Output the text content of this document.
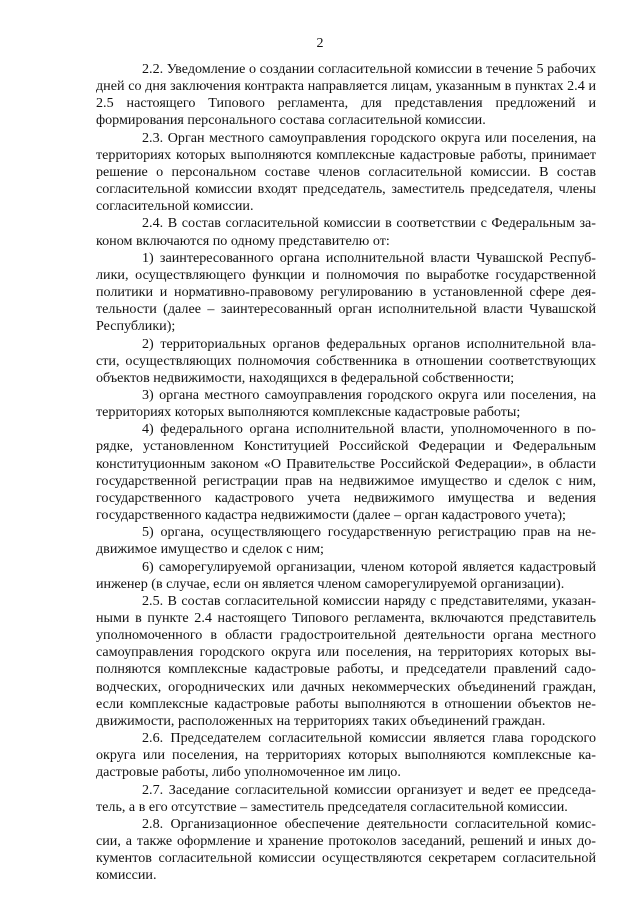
2

2.2. Уведомление о создании согласительной комиссии в течение 5 рабочих дней со дня заключения контракта направляется лицам, указанным в пунктах 2.4 и 2.5 настоящего Типового регламента, для представления предложений и формирования персонального состава согласительной комиссии.

2.3. Орган местного самоуправления городского округа или поселения, на территориях которых выполняются комплексные кадастровые работы, принимает решение о персональном составе членов согласительной комиссии. В состав согласительной комиссии входят председатель, заместитель председателя, члены согласительной комиссии.

2.4. В состав согласительной комиссии в соответствии с Федеральным законом включаются по одному представителю от:

1) заинтересованного органа исполнительной власти Чувашской Республики, осуществляющего функции и полномочия по выработке государственной политики и нормативно-правовому регулированию в установленной сфере деятельности (далее – заинтересованный орган исполнительной власти Чувашской Республики);

2) территориальных органов федеральных органов исполнительной власти, осуществляющих полномочия собственника в отношении соответствующих объектов недвижимости, находящихся в федеральной собственности;

3) органа местного самоуправления городского округа или поселения, на территориях которых выполняются комплексные кадастровые работы;

4) федерального органа исполнительной власти, уполномоченного в порядке, установленном Конституцией Российской Федерации и Федеральным конституционным законом «О Правительстве Российской Федерации», в области государственной регистрации прав на недвижимое имущество и сделок с ним, государственного кадастрового учета недвижимого имущества и ведения государственного кадастра недвижимости (далее – орган кадастрового учета);

5) органа, осуществляющего государственную регистрацию прав на недвижимое имущество и сделок с ним;

6) саморегулируемой организации, членом которой является кадастровый инженер (в случае, если он является членом саморегулируемой организации).

2.5. В состав согласительной комиссии наряду с представителями, указанными в пункте 2.4 настоящего Типового регламента, включаются представитель уполномоченного в области градостроительной деятельности органа местного самоуправления городского округа или поселения, на территориях которых выполняются комплексные кадастровые работы, и председатели правлений садоводческих, огороднических или дачных некоммерческих объединений граждан, если комплексные кадастровые работы выполняются в отношении объектов недвижимости, расположенных на территориях таких объединений граждан.

2.6. Председателем согласительной комиссии является глава городского округа или поселения, на территориях которых выполняются комплексные кадастровые работы, либо уполномоченное им лицо.

2.7. Заседание согласительной комиссии организует и ведет ее председатель, а в его отсутствие – заместитель председателя согласительной комиссии.

2.8. Организационное обеспечение деятельности согласительной комиссии, а также оформление и хранение протоколов заседаний, решений и иных документов согласительной комиссии осуществляются секретарем согласительной комиссии.
